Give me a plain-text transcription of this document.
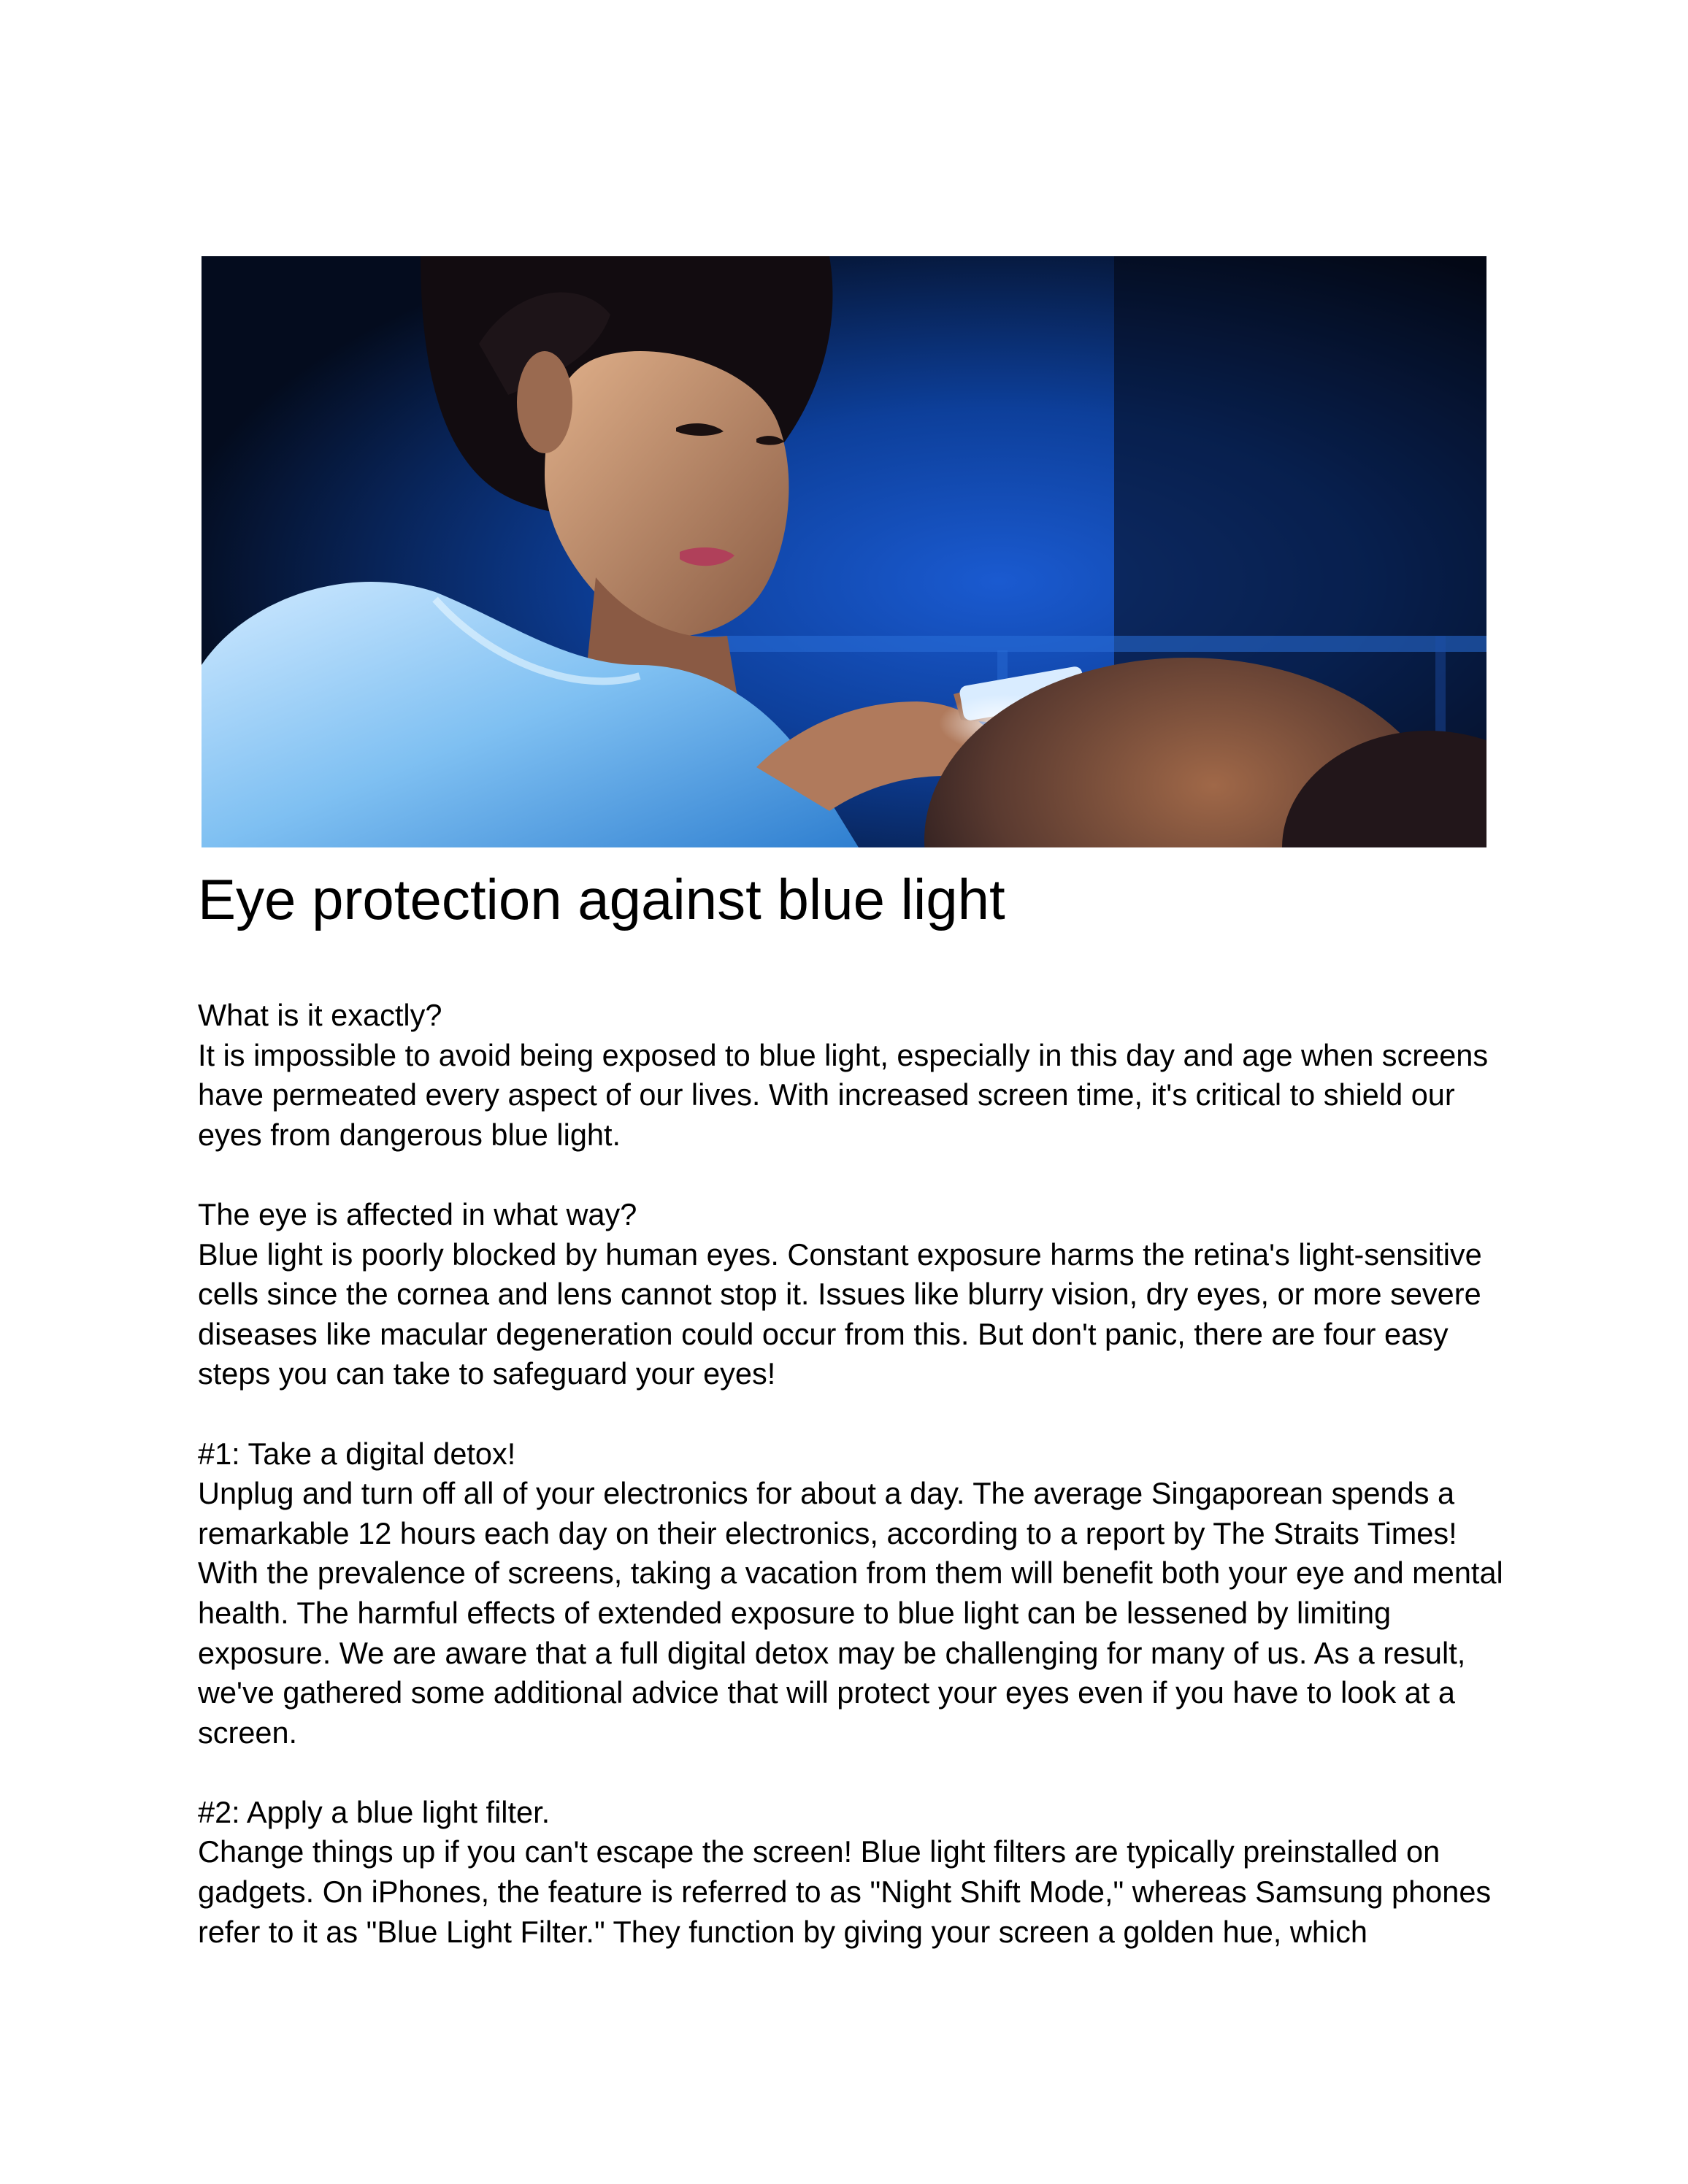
Eye protection against blue light

What is it exactly?

It is impossible to avoid being exposed to blue light, especially in this day and age when screens have permeated every aspect of our lives. With increased screen time, it's critical to shield our eyes from dangerous blue light.

The eye is affected in what way?

Blue light is poorly blocked by human eyes. Constant exposure harms the retina's light-sensitive cells since the cornea and lens cannot stop it. Issues like blurry vision, dry eyes, or more severe diseases like macular degeneration could occur from this. But don't panic, there are four easy steps you can take to safeguard your eyes!

#1: Take a digital detox!

Unplug and turn off all of your electronics for about a day. The average Singaporean spends a remarkable 12 hours each day on their electronics, according to a report by The Straits Times! With the prevalence of screens, taking a vacation from them will benefit both your eye and mental health. The harmful effects of extended exposure to blue light can be lessened by limiting exposure. We are aware that a full digital detox may be challenging for many of us. As a result, we've gathered some additional advice that will protect your eyes even if you have to look at a screen.

#2: Apply a blue light filter.

Change things up if you can't escape the screen! Blue light filters are typically preinstalled on gadgets. On iPhones, the feature is referred to as "Night Shift Mode," whereas Samsung phones refer to it as "Blue Light Filter." They function by giving your screen a golden hue, which
